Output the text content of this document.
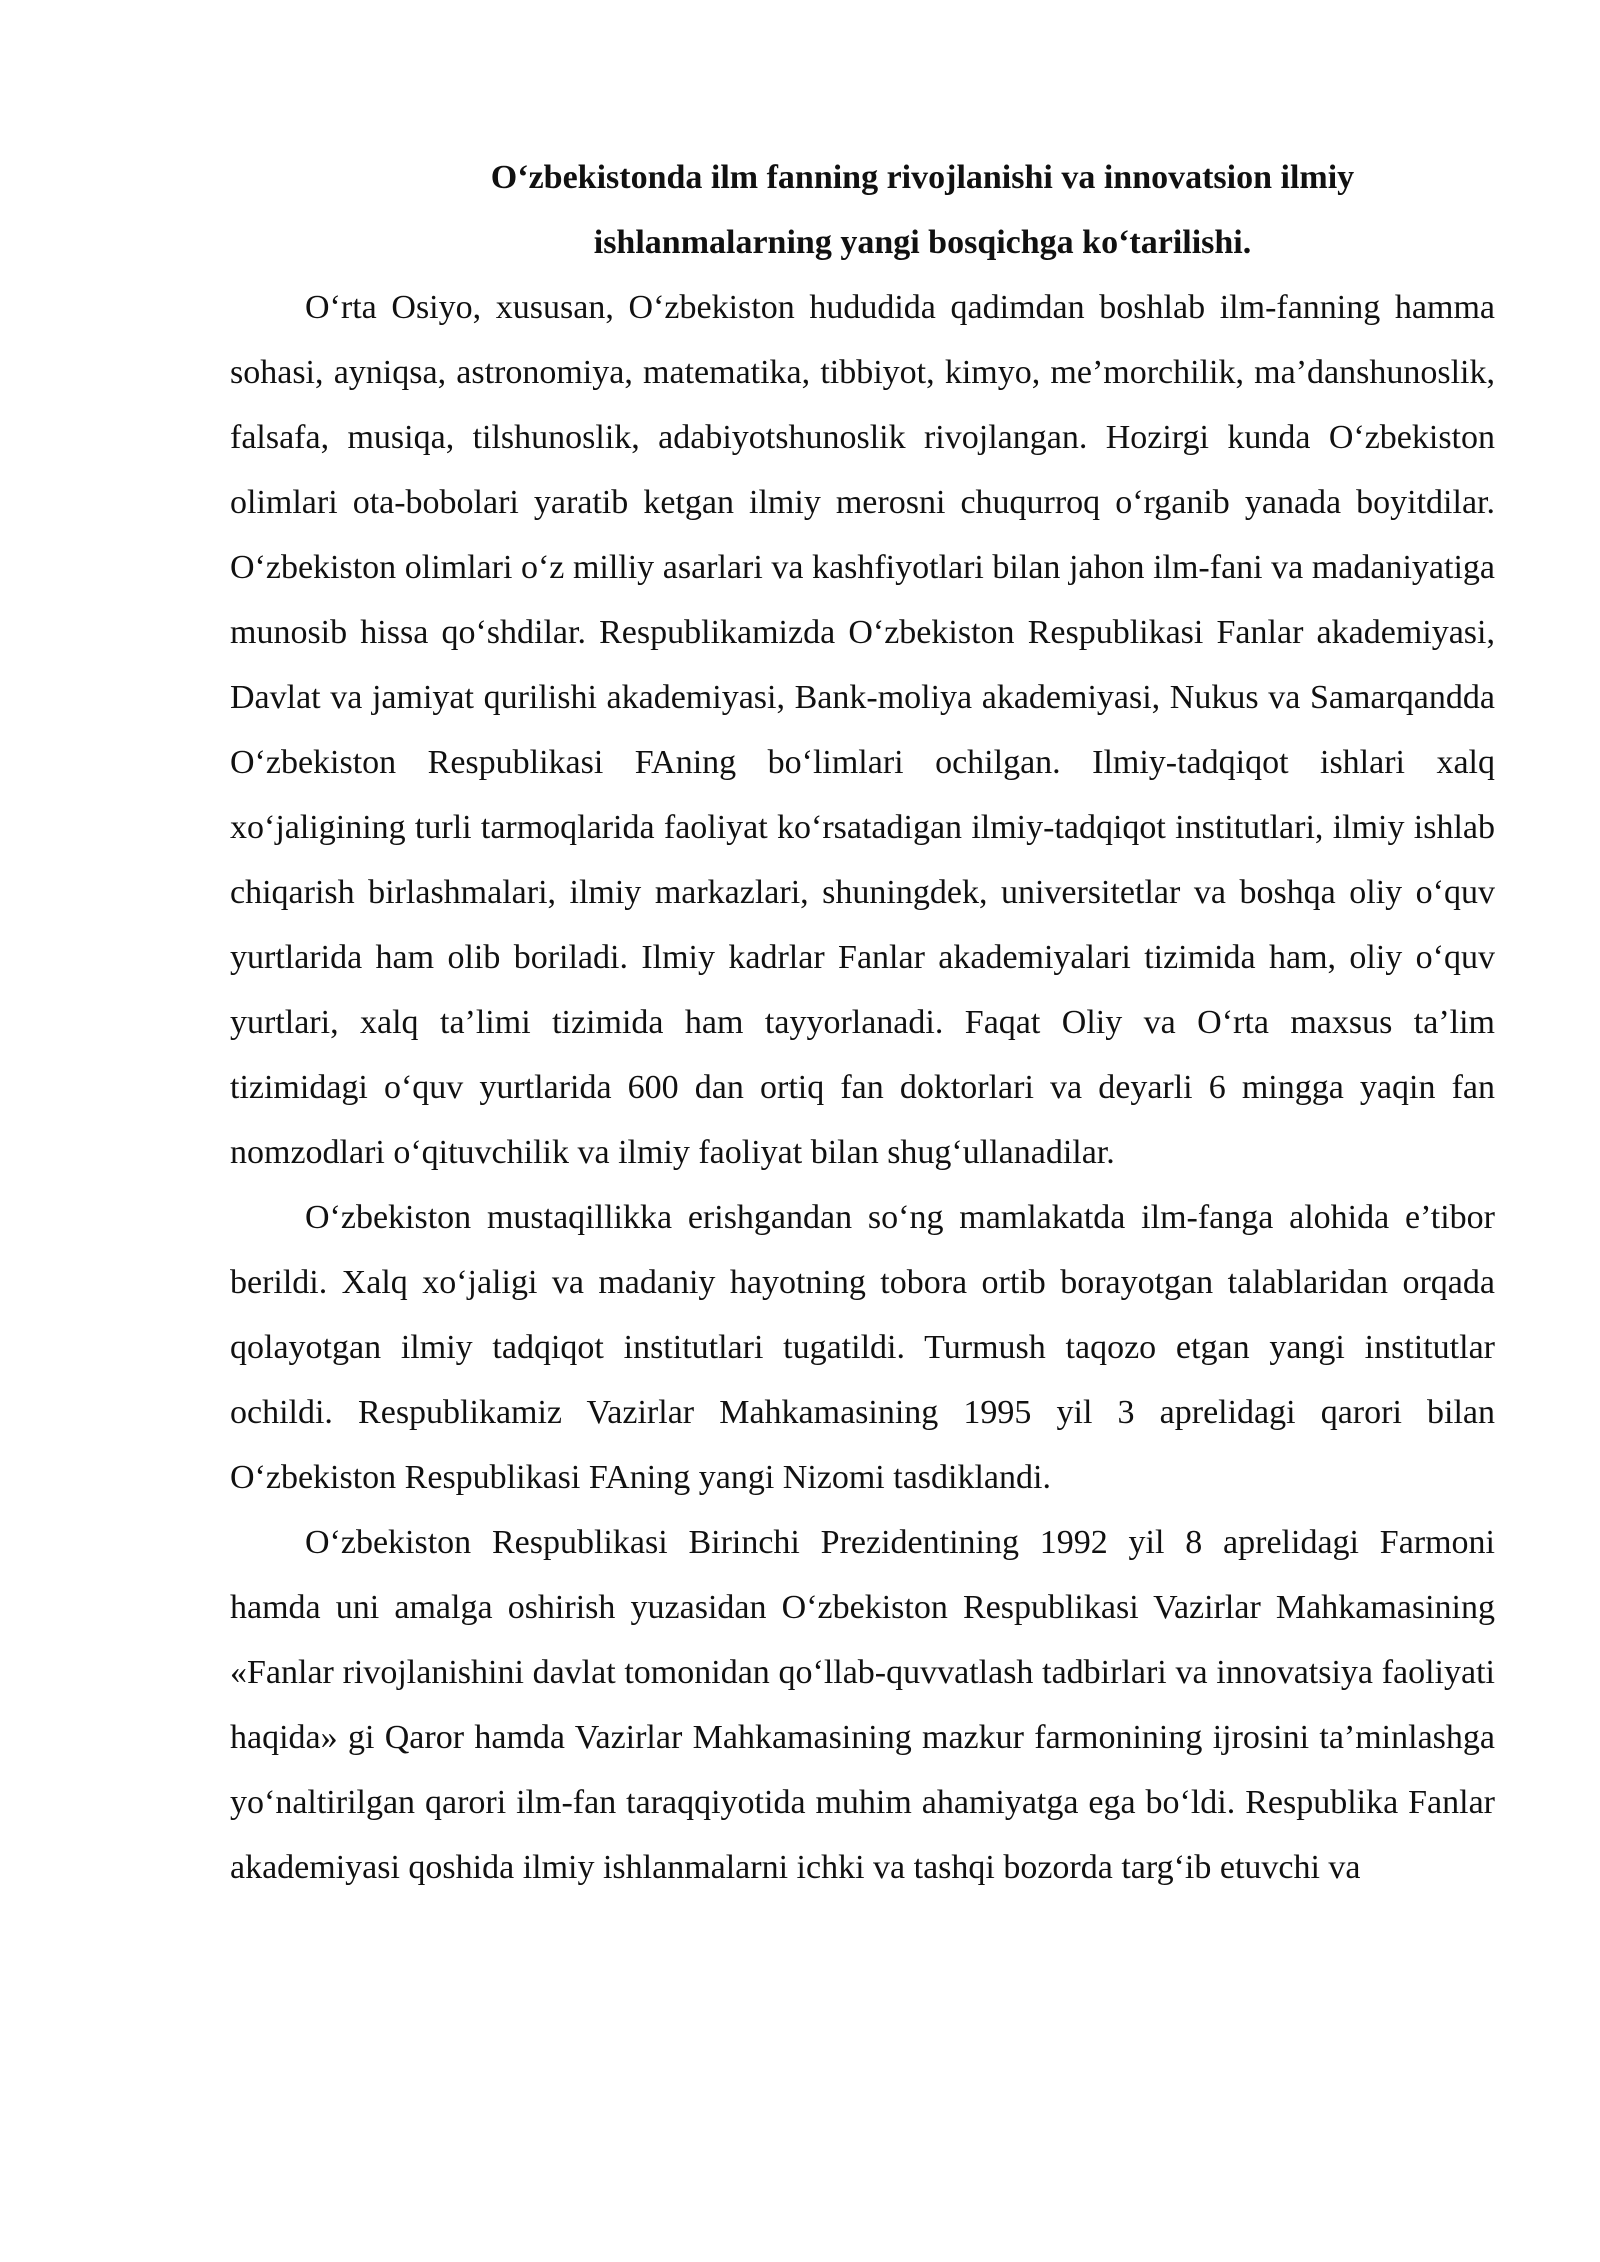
O‘zbekistonda ilm fanning rivojlanishi va innovatsion ilmiy
ishlanmalarning yangi bosqichga ko‘tarilishi.

O‘rta Osiyo, xususan, O‘zbekiston hududida qadimdan boshlab ilm-fanning hamma sohasi, ayniqsa, astronomiya, matematika, tibbiyot, kimyo, me’morchilik, ma’danshunoslik, falsafa, musiqa, tilshunoslik, adabiyotshunoslik rivojlangan. Hozirgi kunda O‘zbekiston olimlari ota-bobolari yaratib ketgan ilmiy merosni chuqurroq o‘rganib yanada boyitdilar. O‘zbekiston olimlari o‘z milliy asarlari va kashfiyotlari bilan jahon ilm-fani va madaniyatiga munosib hissa qo‘shdilar. Respublikamizda O‘zbekiston Respublikasi Fanlar akademiyasi, Davlat va jamiyat qurilishi akademiyasi, Bank-moliya akademiyasi, Nukus va Samarqandda O‘zbekiston Respublikasi FAning bo‘limlari ochilgan. Ilmiy-tadqiqot ishlari xalq xo‘jaligining turli tarmoqlarida faoliyat ko‘rsatadigan ilmiy-tadqiqot institutlari, ilmiy ishlab chiqarish birlashmalari, ilmiy markazlari, shuningdek, universitetlar va boshqa oliy o‘quv yurtlarida ham olib boriladi. Ilmiy kadrlar Fanlar akademiyalari tizimida ham, oliy o‘quv yurtlari, xalq ta’limi tizimida ham tayyorlanadi. Faqat Oliy va O‘rta maxsus ta’lim tizimidagi o‘quv yurtlarida 600 dan ortiq fan doktorlari va deyarli 6 mingga yaqin fan nomzodlari o‘qituvchilik va ilmiy faoliyat bilan shug‘ullanadilar.

O‘zbekiston mustaqillikka erishgandan so‘ng mamlakatda ilm-fanga alohida e’tibor berildi. Xalq xo‘jaligi va madaniy hayotning tobora ortib borayotgan talablaridan orqada qolayotgan ilmiy tadqiqot institutlari tugatildi. Turmush taqozo etgan yangi institutlar ochildi. Respublikamiz Vazirlar Mahkamasining 1995 yil 3 aprelidagi qarori bilan O‘zbekiston Respublikasi FAning yangi Nizomi tasdiklandi.

O‘zbekiston Respublikasi Birinchi Prezidentining 1992 yil 8 aprelidagi Farmoni hamda uni amalga oshirish yuzasidan O‘zbekiston Respublikasi Vazirlar Mahkamasining «Fanlar rivojlanishini davlat tomonidan qo‘llab-quvvatlash tadbirlari va innovatsiya faoliyati haqida» gi Qaror hamda Vazirlar Mahkamasining mazkur farmonining ijrosini ta’minlashga yo‘naltirilgan qarori ilm-fan taraqqiyotida muhim ahamiyatga ega bo‘ldi. Respublika Fanlar akademiyasi qoshida ilmiy ishlanmalarni ichki va tashqi bozorda targ‘ib etuvchi va
